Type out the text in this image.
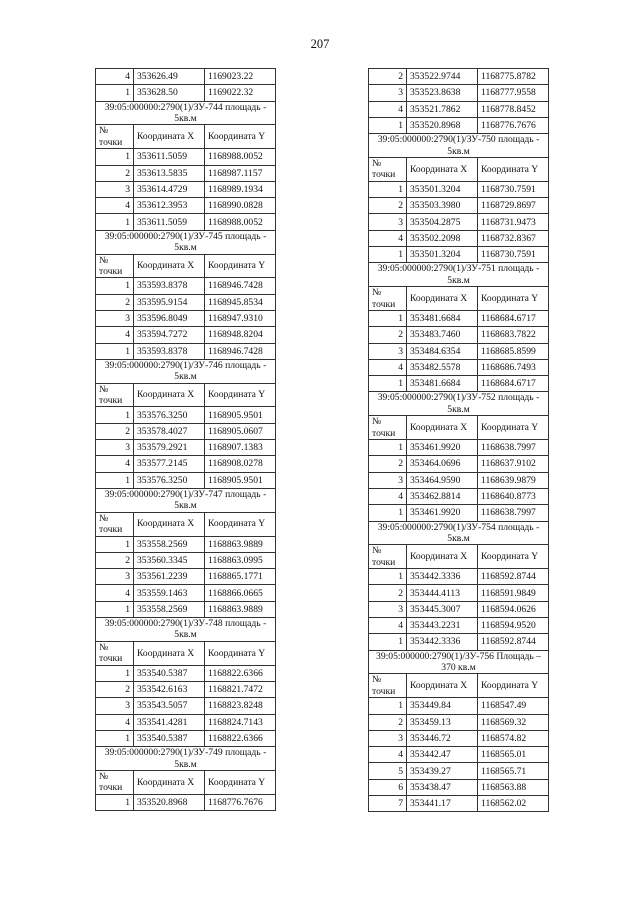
207
4	353626.49	1169023.22
1	353628.50	1169022.32
39:05:000000:2790(1)/ЗУ-744 площадь - 5кв.м		
№ точки	Координата X	Координата Y
1	353611.5059	1168988.0052
2	353613.5835	1168987.1157
3	353614.4729	1168989.1934
4	353612.3953	1168990.0828
1	353611.5059	1168988.0052
39:05:000000:2790(1)/ЗУ-745 площадь - 5кв.м		
№ точки	Координата X	Координата Y
1	353593.8378	1168946.7428
2	353595.9154	1168945.8534
3	353596.8049	1168947.9310
4	353594.7272	1168948.8204
1	353593.8378	1168946.7428
39:05:000000:2790(1)/ЗУ-746 площадь - 5кв.м		
№ точки	Координата X	Координата Y
1	353576.3250	1168905.9501
2	353578.4027	1168905.0607
3	353579.2921	1168907.1383
4	353577.2145	1168908.0278
1	353576.3250	1168905.9501
39:05:000000:2790(1)/ЗУ-747 площадь - 5кв.м		
№ точки	Координата X	Координата Y
1	353558.2569	1168863.9889
2	353560.3345	1168863.0995
3	353561.2239	1168865.1771
4	353559.1463	1168866.0665
1	353558.2569	1168863.9889
39:05:000000:2790(1)/ЗУ-748 площадь - 5кв.м		
№ точки	Координата X	Координата Y
1	353540.5387	1168822.6366
2	353542.6163	1168821.7472
3	353543.5057	1168823.8248
4	353541.4281	1168824.7143
1	353540.5387	1168822.6366
39:05:000000:2790(1)/ЗУ-749 площадь - 5кв.м		
№ точки	Координата X	Координата Y
1	353520.8968	1168776.7676
2	353522.9744	1168775.8782
3	353523.8638	1168777.9558
4	353521.7862	1168778.8452
1	353520.8968	1168776.7676
39:05:000000:2790(1)/ЗУ-750 площадь - 5кв.м		
№ точки	Координата X	Координата Y
1	353501.3204	1168730.7591
2	353503.3980	1168729.8697
3	353504.2875	1168731.9473
4	353502.2098	1168732.8367
1	353501.3204	1168730.7591
39:05:000000:2790(1)/ЗУ-751 площадь - 5кв.м		
№ точки	Координата X	Координата Y
1	353481.6684	1168684.6717
2	353483.7460	1168683.7822
3	353484.6354	1168685.8599
4	353482.5578	1168686.7493
1	353481.6684	1168684.6717
39:05:000000:2790(1)/ЗУ-752 площадь - 5кв.м		
№ точки	Координата X	Координата Y
1	353461.9920	1168638.7997
2	353464.0696	1168637.9102
3	353464.9590	1168639.9879
4	353462.8814	1168640.8773
1	353461.9920	1168638.7997
39:05:000000:2790(1)/ЗУ-754 площадь - 5кв.м		
№ точки	Координата X	Координата Y
1	353442.3336	1168592.8744
2	353444.4113	1168591.9849
3	353445.3007	1168594.0626
4	353443.2231	1168594.9520
1	353442.3336	1168592.8744
39:05:000000:2790(1)/ЗУ-756 Площадь – 370 кв.м		
№ точки	Координата X	Координата Y
1	353449.84	1168547.49
2	353459.13	1168569.32
3	353446.72	1168574.82
4	353442.47	1168565.01
5	353439.27	1168565.71
6	353438.47	1168563.88
7	353441.17	1168562.02
